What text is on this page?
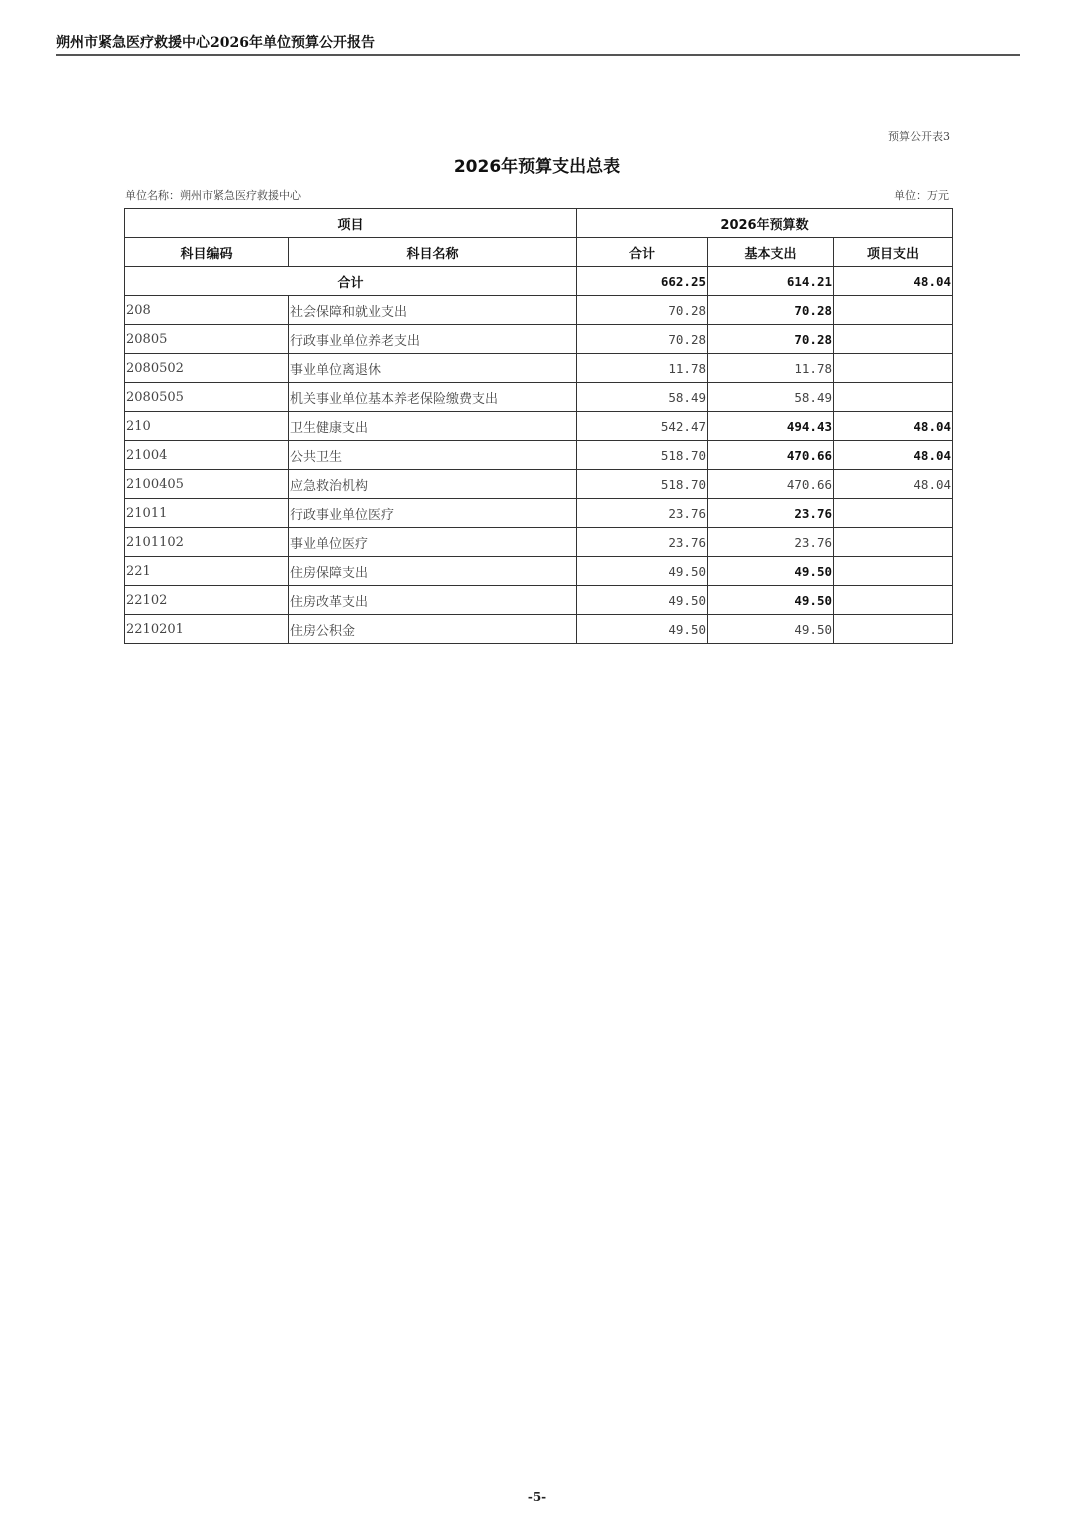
朔州市紧急医疗救援中心2026年单位预算公开报告
预算公开表3
2026年预算支出总表
单位名称：朔州市紧急医疗救援中心	单位：万元
项目		2026年预算数		
科目编码	科目名称	合计	基本支出	项目支出
合计		662.25	614.21	48.04
208	社会保障和就业支出	70.28	70.28	
20805	行政事业单位养老支出	70.28	70.28	
2080502	事业单位离退休	11.78	11.78	
2080505	机关事业单位基本养老保险缴费支出	58.49	58.49	
210	卫生健康支出	542.47	494.43	48.04
21004	公共卫生	518.70	470.66	48.04
2100405	应急救治机构	518.70	470.66	48.04
21011	行政事业单位医疗	23.76	23.76	
2101102	事业单位医疗	23.76	23.76	
221	住房保障支出	49.50	49.50	
22102	住房改革支出	49.50	49.50	
2210201	住房公积金	49.50	49.50	
-5-
